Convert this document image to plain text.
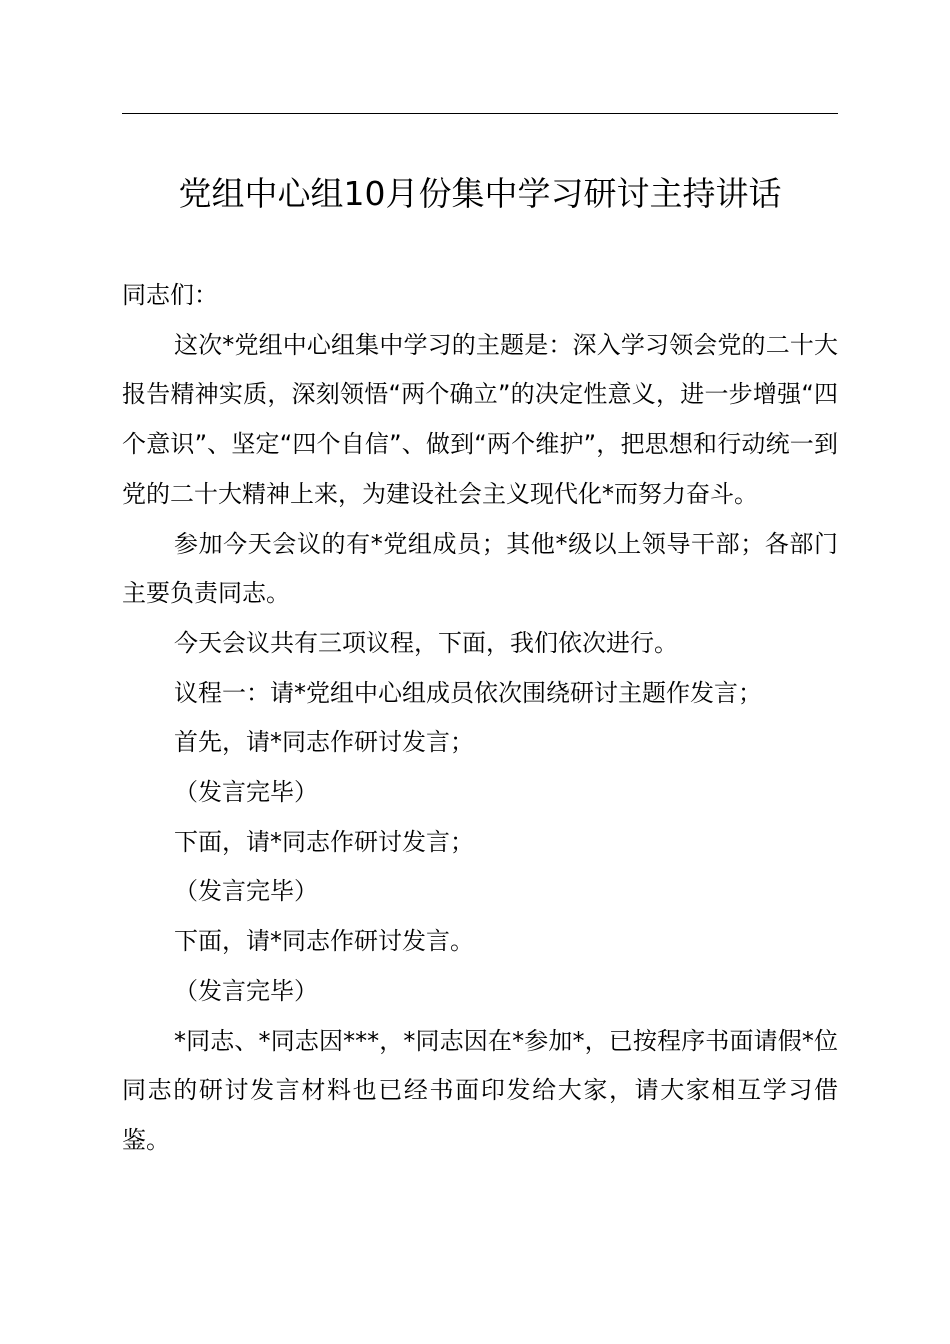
党组中心组10月份集中学习研讨主持讲话

同志们：

这次*党组中心组集中学习的主题是：深入学习领会党的二十大报告精神实质，深刻领悟“两个确立”的决定性意义，进一步增强“四个意识”、坚定“四个自信”、做到“两个维护”，把思想和行动统一到党的二十大精神上来，为建设社会主义现代化*而努力奋斗。

参加今天会议的有*党组成员；其他*级以上领导干部；各部门主要负责同志。

今天会议共有三项议程，下面，我们依次进行。

议程一：请*党组中心组成员依次围绕研讨主题作发言；

首先，请*同志作研讨发言；

（发言完毕）

下面，请*同志作研讨发言；

（发言完毕）

下面，请*同志作研讨发言。

（发言完毕）

*同志、*同志因***，*同志因在*参加*，已按程序书面请假*位同志的研讨发言材料也已经书面印发给大家，请大家相互学习借鉴。
